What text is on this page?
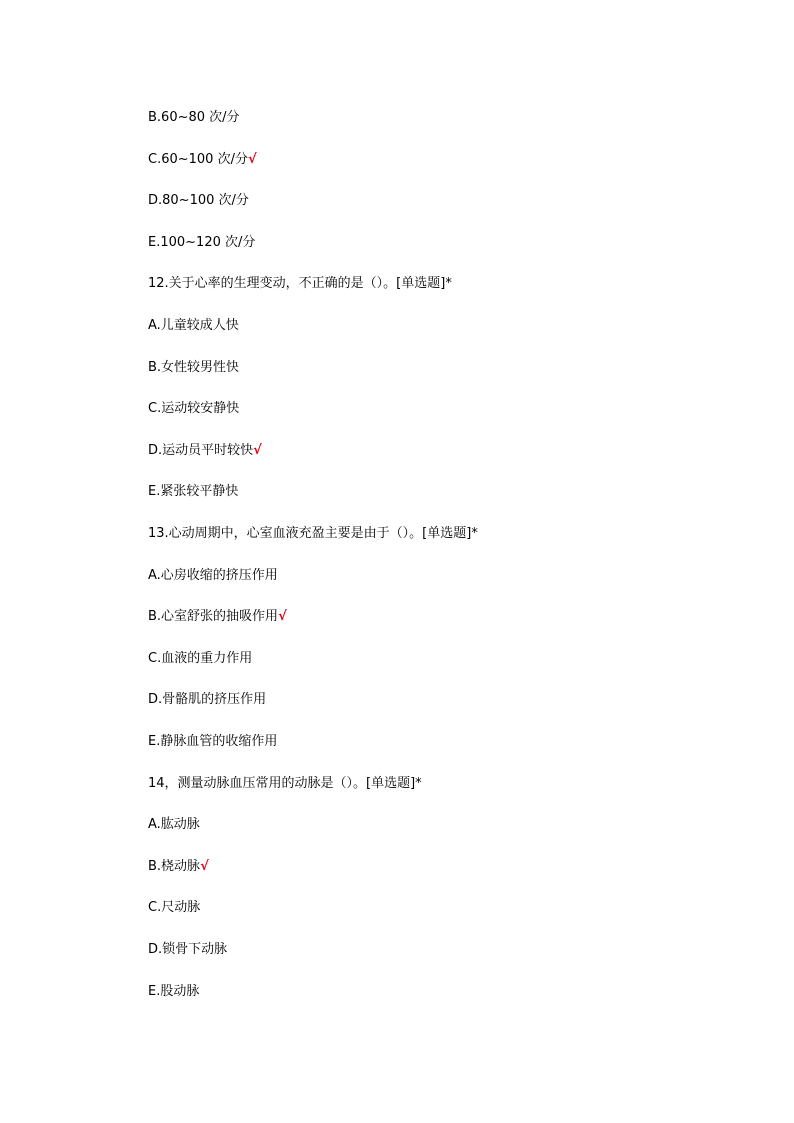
B.60~80 次/分
C.60~100 次/分√
D.80~100 次/分
E.100~120 次/分
12.关于心率的生理变动，不正确的是（）。[单选题]*
A.儿童较成人快
B.女性较男性快
C.运动较安静快
D.运动员平时较快√
E.紧张较平静快
13.心动周期中，心室血液充盈主要是由于（）。[单选题]*
A.心房收缩的挤压作用
B.心室舒张的抽吸作用√
C.血液的重力作用
D.骨骼肌的挤压作用
E.静脉血管的收缩作用
14，测量动脉血压常用的动脉是（）。[单选题]*
A.肱动脉
B.桡动脉√
C.尺动脉
D.锁骨下动脉
E.股动脉
